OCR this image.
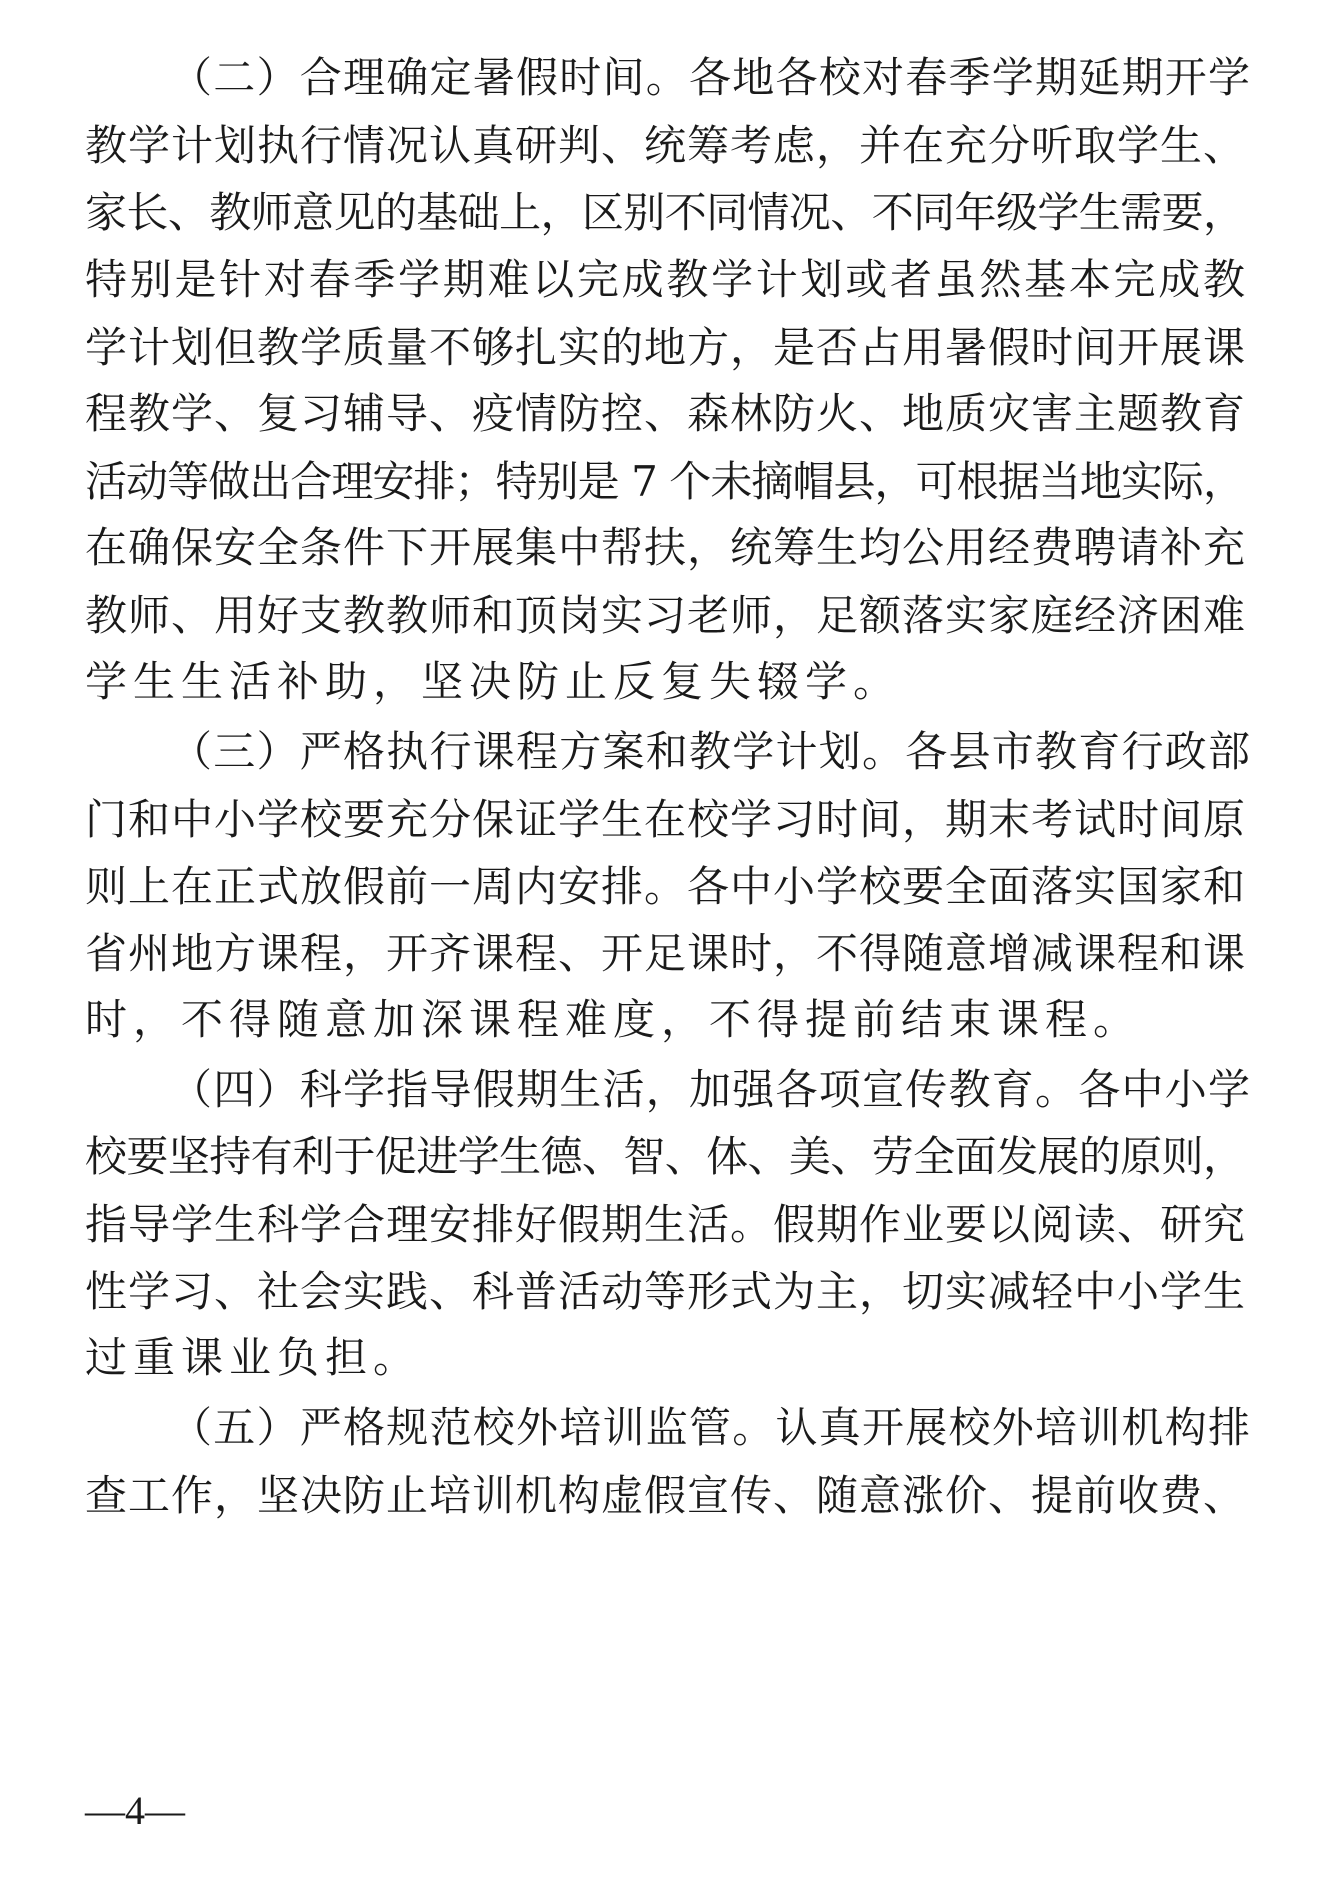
（二）合理确定暑假时间。各地各校对春季学期延期开学
教学计划执行情况认真研判、统筹考虑，并在充分听取学生、
家长、教师意见的基础上，区别不同情况、不同年级学生需要，
特别是针对春季学期难以完成教学计划或者虽然基本完成教
学计划但教学质量不够扎实的地方，是否占用暑假时间开展课
程教学、复习辅导、疫情防控、森林防火、地质灾害主题教育
活动等做出合理安排；特别是 7 个未摘帽县，可根据当地实际，
在确保安全条件下开展集中帮扶，统筹生均公用经费聘请补充
教师、用好支教教师和顶岗实习老师，足额落实家庭经济困难
学生生活补助，坚决防止反复失辍学。
（三）严格执行课程方案和教学计划。各县市教育行政部
门和中小学校要充分保证学生在校学习时间，期末考试时间原
则上在正式放假前一周内安排。各中小学校要全面落实国家和
省州地方课程，开齐课程、开足课时，不得随意增减课程和课
时，不得随意加深课程难度，不得提前结束课程。
（四）科学指导假期生活，加强各项宣传教育。各中小学
校要坚持有利于促进学生德、智、体、美、劳全面发展的原则，
指导学生科学合理安排好假期生活。假期作业要以阅读、研究
性学习、社会实践、科普活动等形式为主，切实减轻中小学生
过重课业负担。
（五）严格规范校外培训监管。认真开展校外培训机构排
查工作，坚决防止培训机构虚假宣传、随意涨价、提前收费、
—4—
